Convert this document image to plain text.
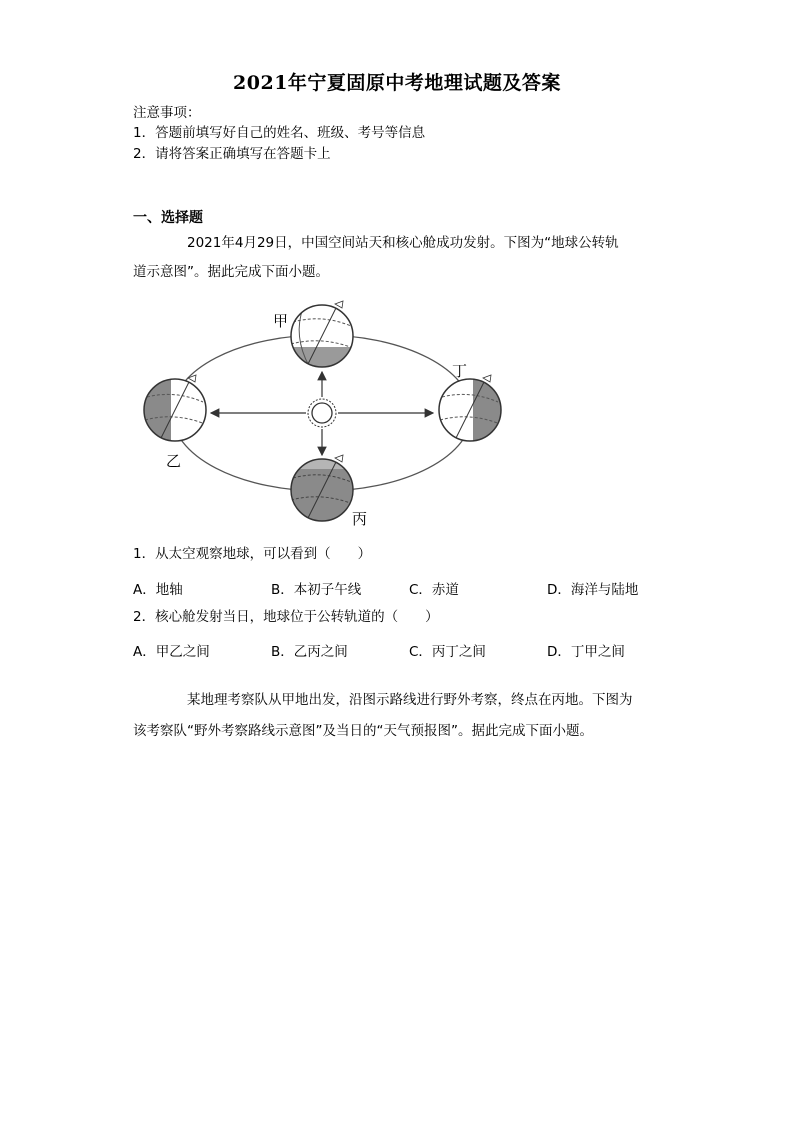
2021年宁夏固原中考地理试题及答案
注意事项：
1．答题前填写好自己的姓名、班级、考号等信息
2．请将答案正确填写在答题卡上
一、选择题
2021年4月29日，中国空间站天和核心舱成功发射。下图为“地球公转轨
道示意图”。据此完成下面小题。
甲
乙
丙
丁
1．从太空观察地球，可以看到（　　）
A．地轴	B．本初子午线	C．赤道	D．海洋与陆地
2．核心舱发射当日，地球位于公转轨道的（　　）
A．甲乙之间	B．乙丙之间	C．丙丁之间	D．丁甲之间
某地理考察队从甲地出发，沿图示路线进行野外考察，终点在丙地。下图为
该考察队“野外考察路线示意图”及当日的“天气预报图”。据此完成下面小题。
